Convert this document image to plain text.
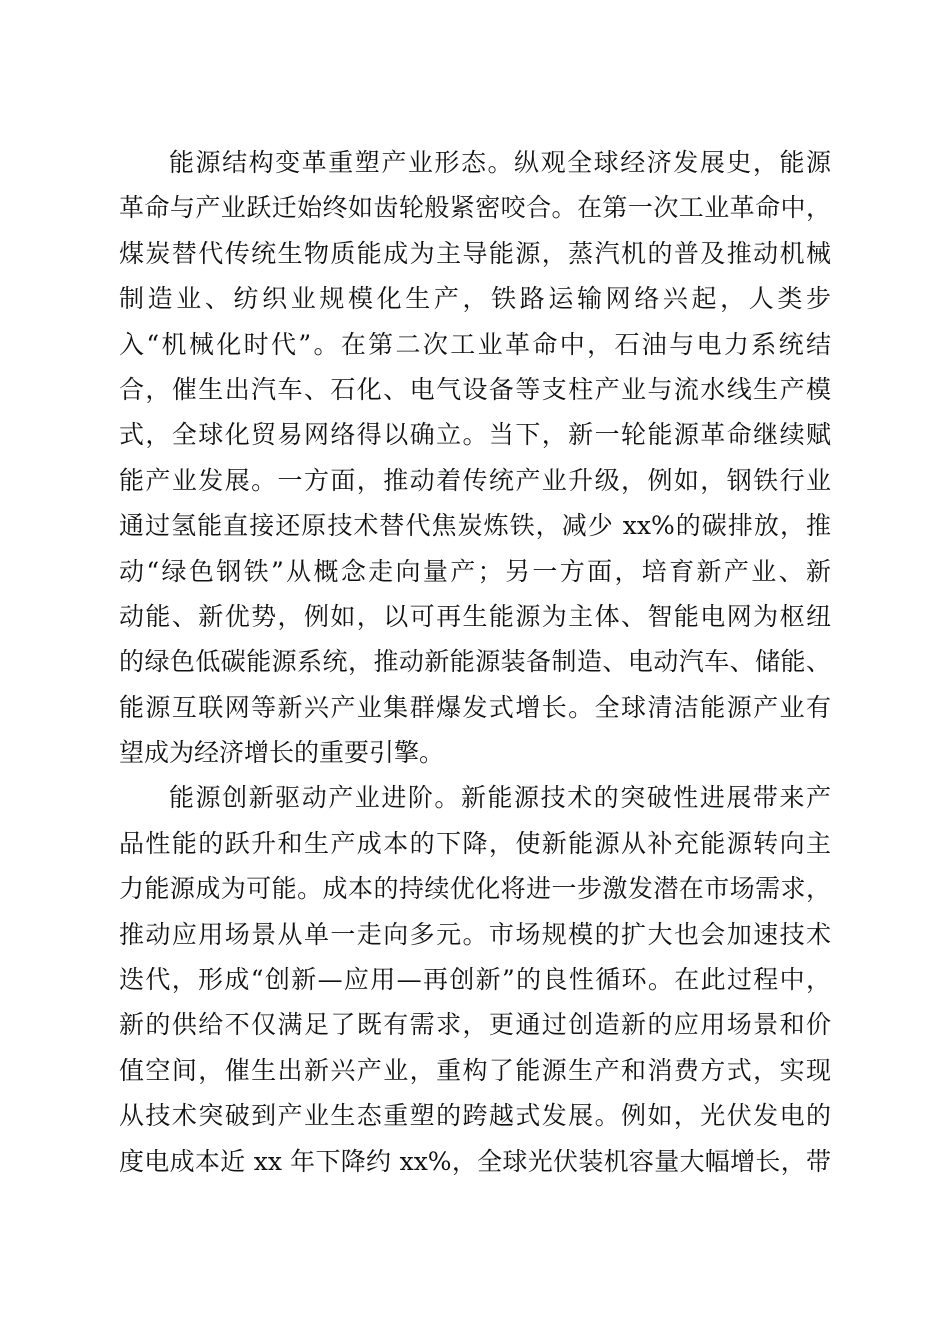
能源结构变革重塑产业形态。纵观全球经济发展史，能源
革命与产业跃迁始终如齿轮般紧密咬合。在第一次工业革命中，
煤炭替代传统生物质能成为主导能源，蒸汽机的普及推动机械
制造业、纺织业规模化生产，铁路运输网络兴起，人类步
入“机械化时代”。在第二次工业革命中，石油与电力系统结
合，催生出汽车、石化、电气设备等支柱产业与流水线生产模
式，全球化贸易网络得以确立。当下，新一轮能源革命继续赋
能产业发展。一方面，推动着传统产业升级，例如，钢铁行业
通过氢能直接还原技术替代焦炭炼铁，减少 xx%的碳排放，推
动“绿色钢铁”从概念走向量产；另一方面，培育新产业、新
动能、新优势，例如，以可再生能源为主体、智能电网为枢纽
的绿色低碳能源系统，推动新能源装备制造、电动汽车、储能、
能源互联网等新兴产业集群爆发式增长。全球清洁能源产业有
望成为经济增长的重要引擎。
能源创新驱动产业进阶。新能源技术的突破性进展带来产
品性能的跃升和生产成本的下降，使新能源从补充能源转向主
力能源成为可能。成本的持续优化将进一步激发潜在市场需求，
推动应用场景从单一走向多元。市场规模的扩大也会加速技术
迭代，形成“创新—应用—再创新”的良性循环。在此过程中，
新的供给不仅满足了既有需求，更通过创造新的应用场景和价
值空间，催生出新兴产业，重构了能源生产和消费方式，实现
从技术突破到产业生态重塑的跨越式发展。例如，光伏发电的
度电成本近 xx 年下降约 xx%，全球光伏装机容量大幅增长，带
